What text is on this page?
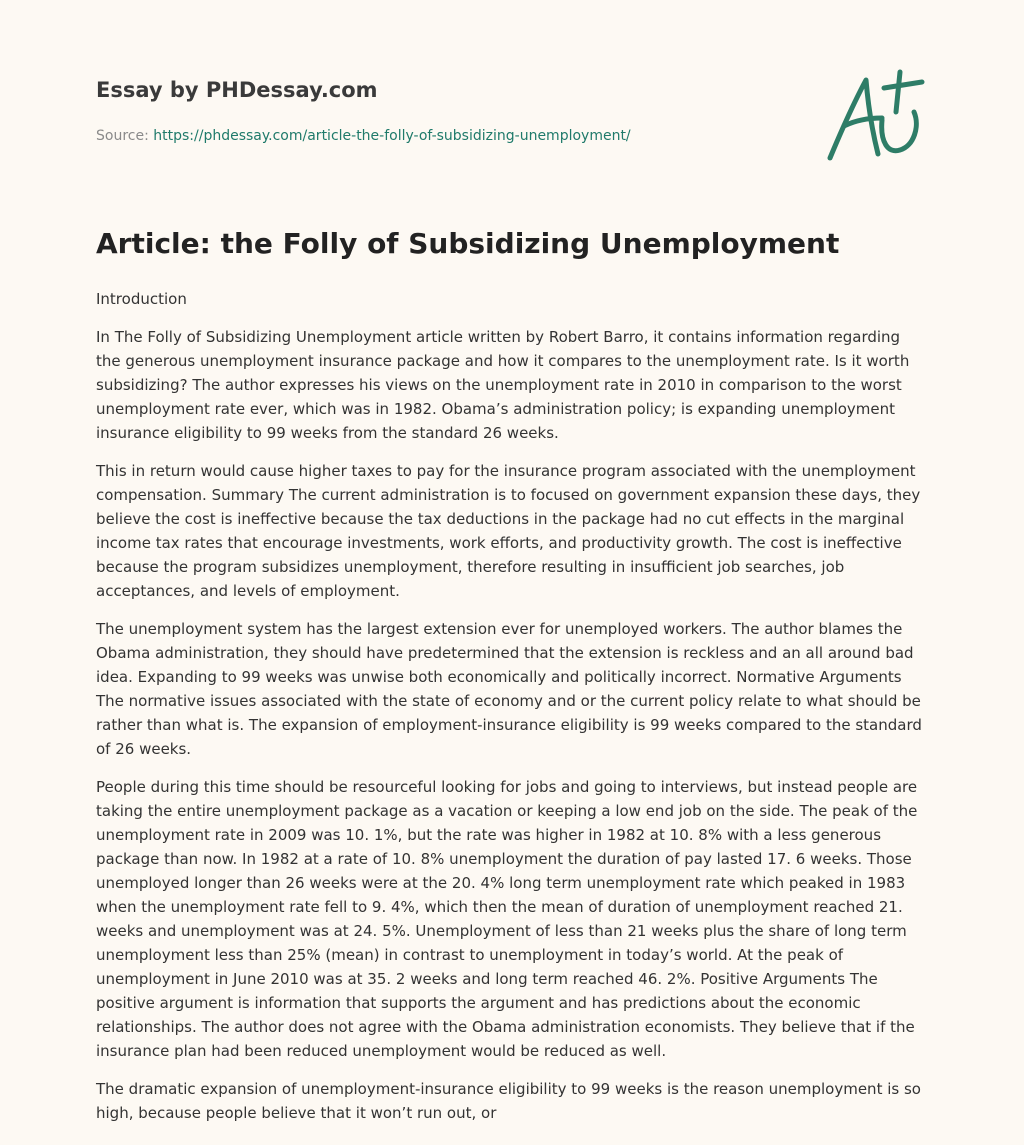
Essay by PHDessay.com
Source: https://phdessay.com/article-the-folly-of-subsidizing-unemployment/
Article: the Folly of Subsidizing Unemployment
Introduction

In The Folly of Subsidizing Unemployment article written by Robert Barro, it contains information regarding the generous unemployment insurance package and how it compares to the unemployment rate. Is it worth subsidizing? The author expresses his views on the unemployment rate in 2010 in comparison to the worst unemployment rate ever, which was in 1982. Obama’s administration policy; is expanding unemployment insurance eligibility to 99 weeks from the standard 26 weeks.

This in return would cause higher taxes to pay for the insurance program associated with the unemployment compensation. Summary The current administration is to focused on government expansion these days, they believe the cost is ineffective because the tax deductions in the package had no cut effects in the marginal income tax rates that encourage investments, work efforts, and productivity growth. The cost is ineffective because the program subsidizes unemployment, therefore resulting in insufficient job searches, job acceptances, and levels of employment.

The unemployment system has the largest extension ever for unemployed workers. The author blames the Obama administration, they should have predetermined that the extension is reckless and an all around bad idea. Expanding to 99 weeks was unwise both economically and politically incorrect. Normative Arguments The normative issues associated with the state of economy and or the current policy relate to what should be rather than what is. The expansion of employment-insurance eligibility is 99 weeks compared to the standard of 26 weeks.

People during this time should be resourceful looking for jobs and going to interviews, but instead people are taking the entire unemployment package as a vacation or keeping a low end job on the side. The peak of the unemployment rate in 2009 was 10. 1%, but the rate was higher in 1982 at 10. 8% with a less generous package than now. In 1982 at a rate of 10. 8% unemployment the duration of pay lasted 17. 6 weeks. Those unemployed longer than 26 weeks were at the 20. 4% long term unemployment rate which peaked in 1983 when the unemployment rate fell to 9. 4%, which then the mean of duration of unemployment reached 21. weeks and unemployment was at 24. 5%. Unemployment of less than 21 weeks plus the share of long term unemployment less than 25% (mean) in contrast to unemployment in today’s world. At the peak of unemployment in June 2010 was at 35. 2 weeks and long term reached 46. 2%. Positive Arguments The positive argument is information that supports the argument and has predictions about the economic relationships. The author does not agree with the Obama administration economists. They believe that if the insurance plan had been reduced unemployment would be reduced as well.

The dramatic expansion of unemployment-insurance eligibility to 99 weeks is the reason unemployment is so high, because people believe that it won’t run out, or
